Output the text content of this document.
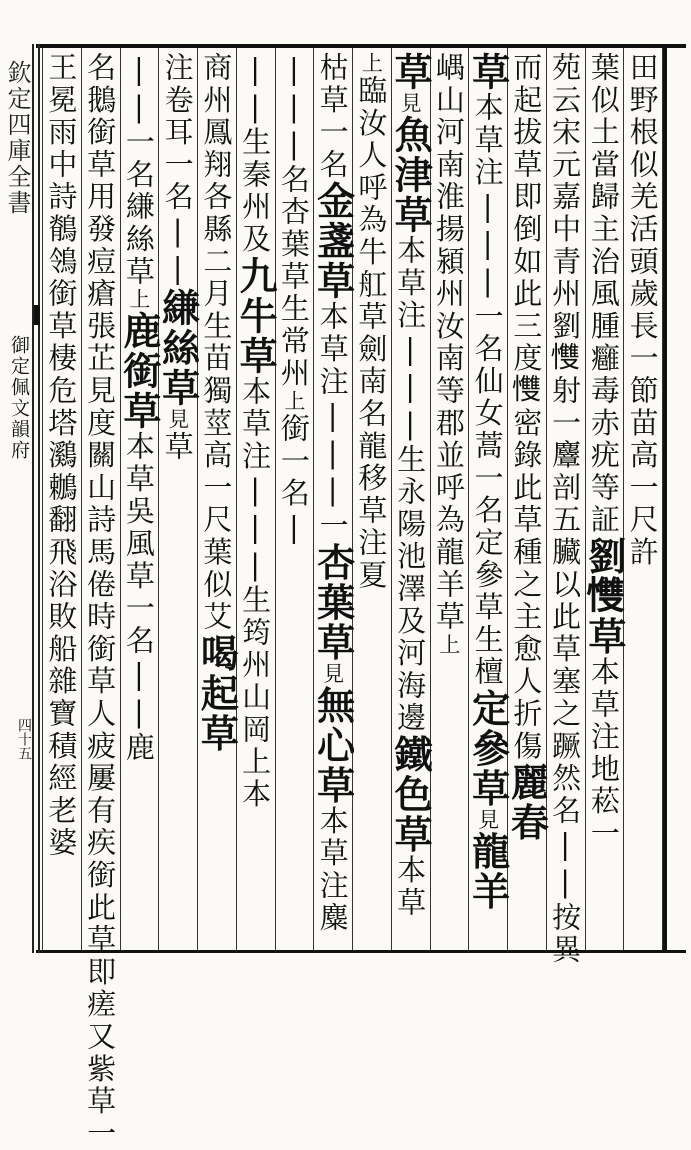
欽定四庫全書
御定佩文韻府
四十五
田野根似羌活頭歲長一節苗高一尺許
葉似土當歸主治風腫癰毒赤疣等証劉𢥠草本草注地菘一
苑云宋元嘉中青州劉𢥠射一麞剖五臟以此草塞之蹶然名||按異
而起拔草即倒如此三度𢥠密錄此草種之主愈人折傷麗春
草本草注|||一名仙女蒿一名定參草生檀定參草見龍羊
嵎山河南淮揚潁州汝南等郡並呼為龍羊草上
草見魚津草本草注|||生永陽池澤及河海邊鐵色草本草
上臨汝人呼為牛舡草劍南名龍移草注夏
枯草一名金盞草本草注|||一杏葉草見無心草本草注麋
|||名杏葉草生常州上銜一名|
||生秦州及九牛草本草注|||生筠州山岡上本
商州鳳翔各縣二月生苗獨莖高一尺葉似艾喝起草
注卷耳一名||縑絲草見草
||一名縑絲草上鹿銜草本草吳風草一名||鹿
名鵝銜草用發痘瘡張芷見度關山詩馬倦時銜草人疲屢有疾銜此草即瘥又紫草一
王冕雨中詩鶺鴒銜草棲危塔鸂鶒翻飛浴敗船雜寶積經老婆
